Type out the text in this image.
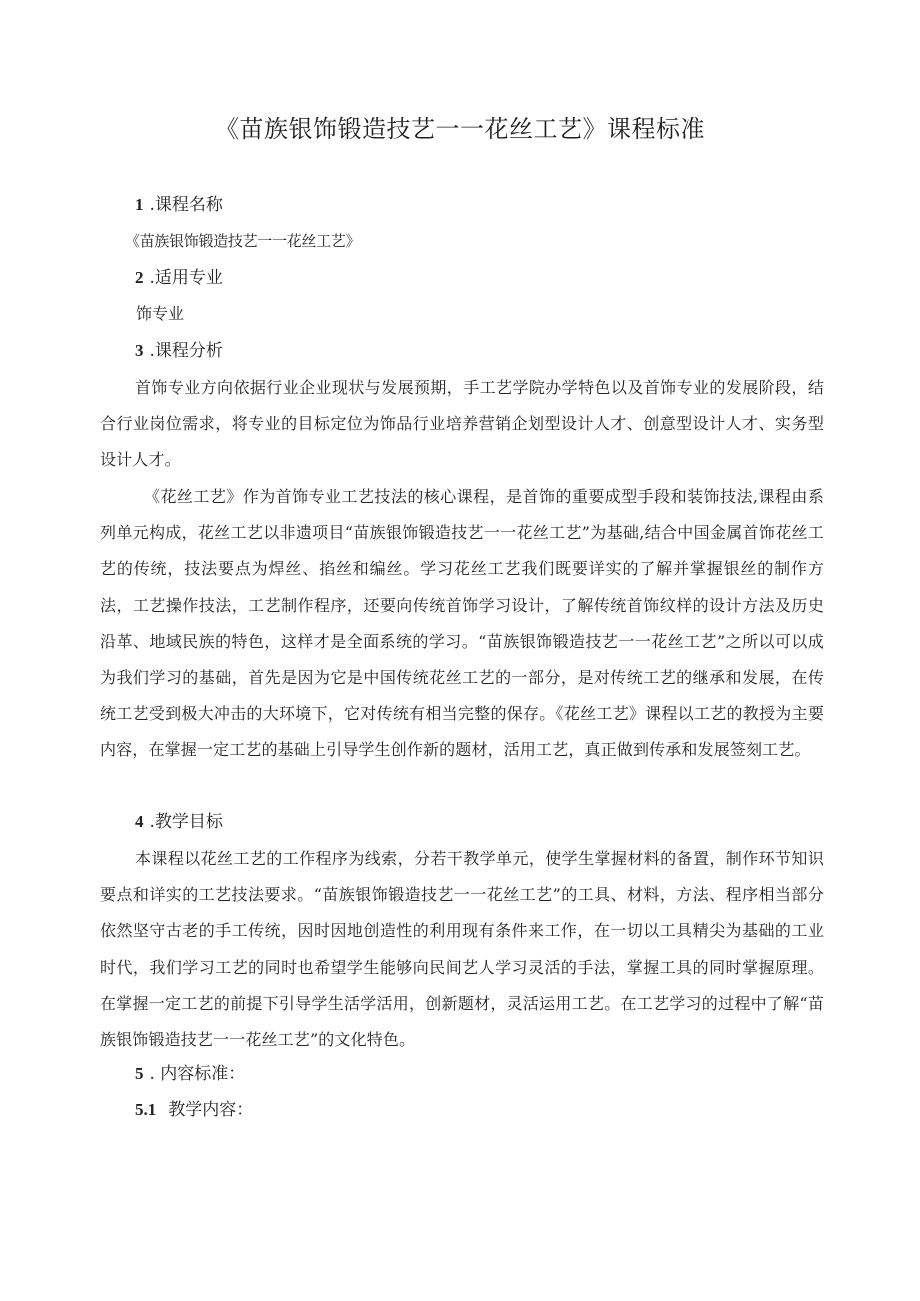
《苗族银饰锻造技艺一一花丝工艺》课程标准
1 .课程名称
《苗族银饰锻造技艺一一花丝工艺》
2 .适用专业
饰专业
3 .课程分析
首饰专业方向依据行业企业现状与发展预期，手工艺学院办学特色以及首饰专业的发展阶段，结合行业岗位需求，将专业的目标定位为饰品行业培养营销企划型设计人才、创意型设计人才、实务型设计人才。
《花丝工艺》作为首饰专业工艺技法的核心课程，是首饰的重要成型手段和装饰技法,课程由系列单元构成，花丝工艺以非遗项目“苗族银饰锻造技艺一一花丝工艺”为基础,结合中国金属首饰花丝工艺的传统，技法要点为焊丝、掐丝和编丝。学习花丝工艺我们既要详实的了解并掌握银丝的制作方法，工艺操作技法，工艺制作程序，还要向传统首饰学习设计，了解传统首饰纹样的设计方法及历史沿革、地域民族的特色，这样才是全面系统的学习。“苗族银饰锻造技艺一一花丝工艺”之所以可以成为我们学习的基础，首先是因为它是中国传统花丝工艺的一部分，是对传统工艺的继承和发展，在传统工艺受到极大冲击的大环境下，它对传统有相当完整的保存。《花丝工艺》课程以工艺的教授为主要内容，在掌握一定工艺的基础上引导学生创作新的题材，活用工艺，真正做到传承和发展签刻工艺。
4 .教学目标
本课程以花丝工艺的工作程序为线索，分若干教学单元，使学生掌握材料的备置，制作环节知识要点和详实的工艺技法要求。“苗族银饰锻造技艺一一花丝工艺”的工具、材料，方法、程序相当部分依然坚守古老的手工传统，因时因地创造性的利用现有条件来工作，在一切以工具精尖为基础的工业时代，我们学习工艺的同时也希望学生能够向民间艺人学习灵活的手法，掌握工具的同时掌握原理。在掌握一定工艺的前提下引导学生活学活用，创新题材，灵活运用工艺。在工艺学习的过程中了解“苗族银饰锻造技艺一一花丝工艺”的文化特色。
5 . 内容标准：
5.1 教学内容：
